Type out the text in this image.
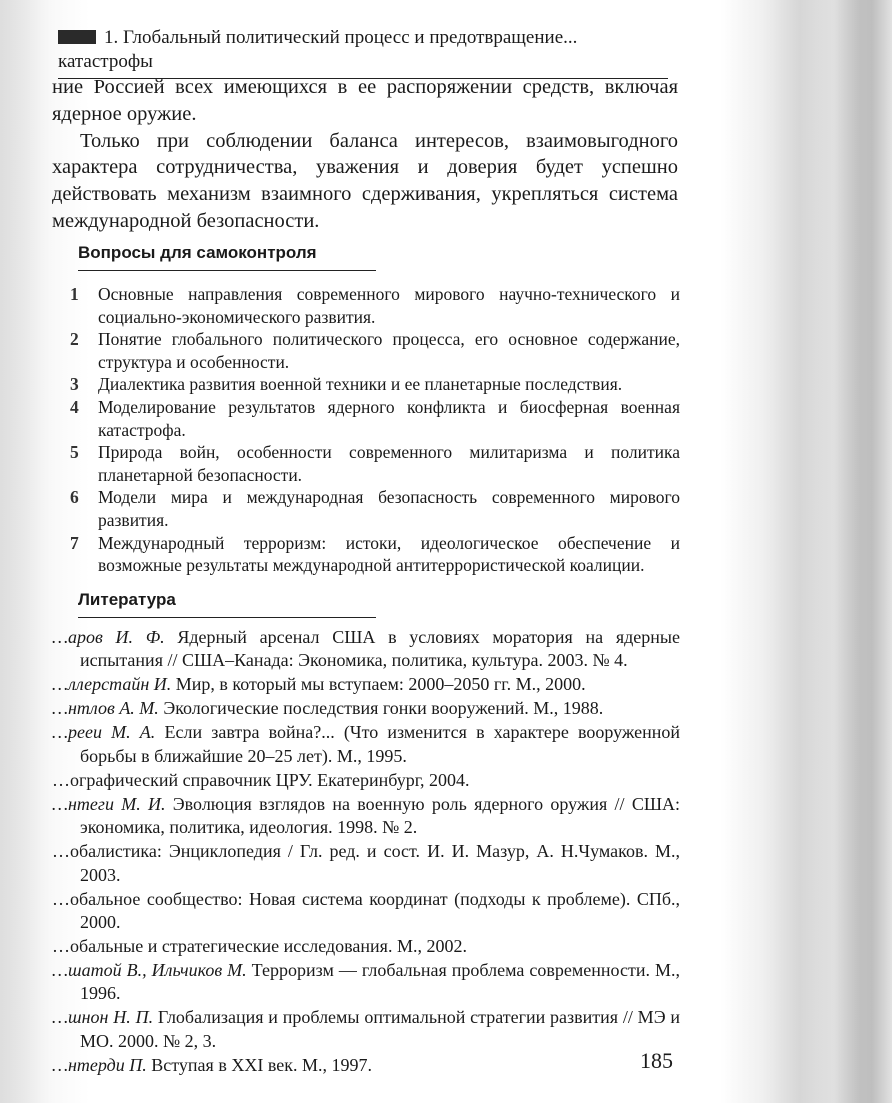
1. Глобальный политический процесс и предотвращение... катастрофы

ние Россией всех имеющихся в ее распоряжении средств, включая ядерное оружие.

Только при соблюдении баланса интересов, взаимовыгодного характера сотрудничества, уважения и доверия будет успешно действовать механизм взаимного сдерживания, укрепляться система международной безопасности.

Вопросы для самоконтроля
1 Основные направления современного мирового научно-технического и социально-экономического развития.
2 Понятие глобального политического процесса, его основное содержание, структура и особенности.
3 Диалектика развития военной техники и ее планетарные последствия.
4 Моделирование результатов ядерного конфликта и биосферная военная катастрофа.
5 Природа войн, особенности современного милитаризма и политика планетарной безопасности.
6 Модели мира и международная безопасность современного мирового развития.
7 Международный терроризм: истоки, идеологическое обеспечение и возможные результаты международной антитеррористической коалиции.
Литература
…аров И. Ф. Ядерный арсенал США в условиях моратория на ядерные испытания // США–Канада: Экономика, политика, культура. 2003. № 4.
…ллерстайн И. Мир, в который мы вступаем: 2000–2050 гг. М., 2000.
…нтлов А. М. Экологические последствия гонки вооружений. М., 1988.
…рееи М. А. Если завтра война?... (Что изменится в характере вооруженной борьбы в ближайшие 20–25 лет). М., 1995.
…ографический справочник ЦРУ. Екатеринбург, 2004.
…нтеги М. И. Эволюция взглядов на военную роль ядерного оружия // США: экономика, политика, идеология. 1998. № 2.
…обалистика: Энциклопедия / Гл. ред. и сост. И. И. Мазур, А. Н.Чумаков. М., 2003.
…обальное сообщество: Новая система координат (подходы к проблеме). СПб., 2000.
…обальные и стратегические исследования. М., 2002.
…шатой В., Ильчиков М. Терроризм — глобальная проблема современности. М., 1996.
…шнон Н. П. Глобализация и проблемы оптимальной стратегии развития // МЭ и МО. 2000. № 2, 3.
…нтерди П. Вступая в XXI век. М., 1997.	185
